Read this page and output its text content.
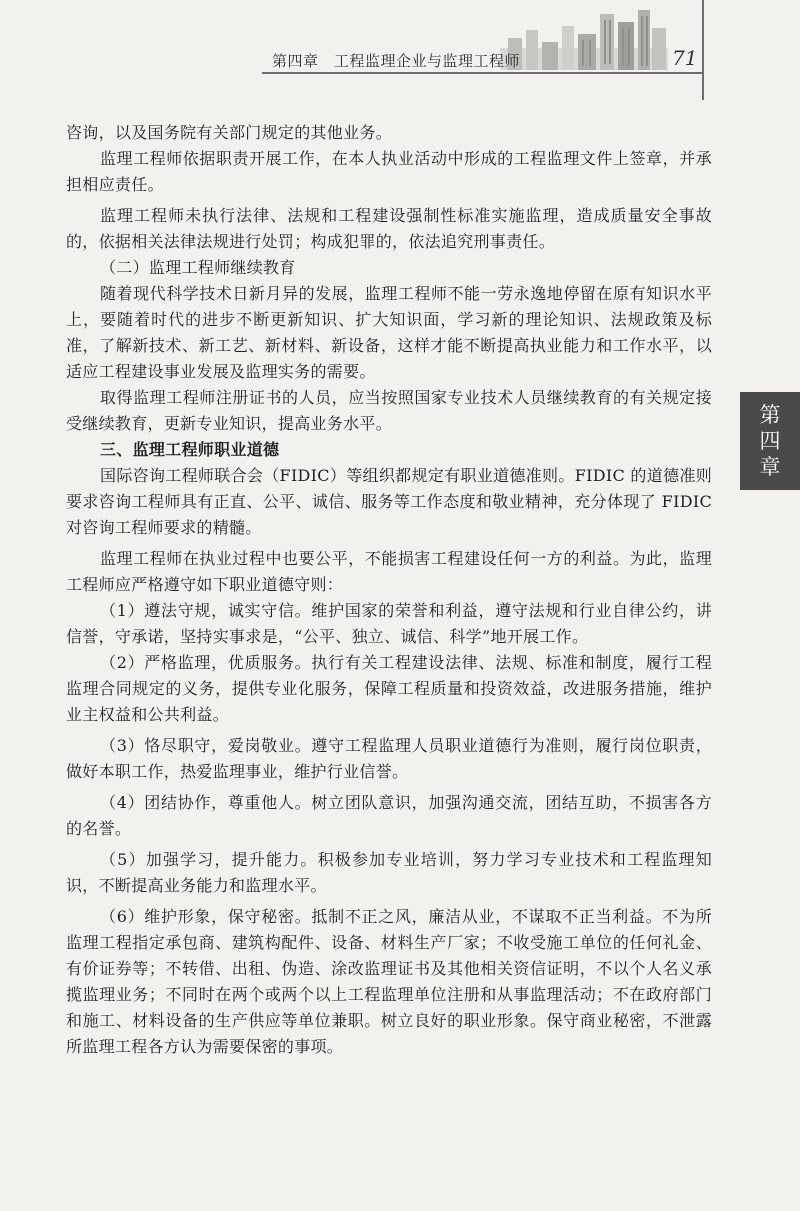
第四章　工程监理企业与监理工程师	71
第
四
章

咨询，以及国务院有关部门规定的其他业务。

监理工程师依据职责开展工作，在本人执业活动中形成的工程监理文件上签章，并承担相应责任。

监理工程师未执行法律、法规和工程建设强制性标准实施监理，造成质量安全事故的，依据相关法律法规进行处罚；构成犯罪的，依法追究刑事责任。

（二）监理工程师继续教育

随着现代科学技术日新月异的发展，监理工程师不能一劳永逸地停留在原有知识水平上，要随着时代的进步不断更新知识、扩大知识面，学习新的理论知识、法规政策及标准，了解新技术、新工艺、新材料、新设备，这样才能不断提高执业能力和工作水平，以适应工程建设事业发展及监理实务的需要。

取得监理工程师注册证书的人员，应当按照国家专业技术人员继续教育的有关规定接受继续教育，更新专业知识，提高业务水平。

三、监理工程师职业道德

国际咨询工程师联合会（FIDIC）等组织都规定有职业道德准则。FIDIC 的道德准则要求咨询工程师具有正直、公平、诚信、服务等工作态度和敬业精神，充分体现了 FIDIC 对咨询工程师要求的精髓。

监理工程师在执业过程中也要公平，不能损害工程建设任何一方的利益。为此，监理工程师应严格遵守如下职业道德守则：

（1）遵法守规，诚实守信。维护国家的荣誉和利益，遵守法规和行业自律公约，讲信誉，守承诺，坚持实事求是，“公平、独立、诚信、科学”地开展工作。

（2）严格监理，优质服务。执行有关工程建设法律、法规、标准和制度，履行工程监理合同规定的义务，提供专业化服务，保障工程质量和投资效益，改进服务措施，维护业主权益和公共利益。

（3）恪尽职守，爱岗敬业。遵守工程监理人员职业道德行为准则，履行岗位职责，做好本职工作，热爱监理事业，维护行业信誉。

（4）团结协作，尊重他人。树立团队意识，加强沟通交流，团结互助，不损害各方的名誉。

（5）加强学习，提升能力。积极参加专业培训，努力学习专业技术和工程监理知识，不断提高业务能力和监理水平。

（6）维护形象，保守秘密。抵制不正之风，廉洁从业，不谋取不正当利益。不为所监理工程指定承包商、建筑构配件、设备、材料生产厂家；不收受施工单位的任何礼金、有价证券等；不转借、出租、伪造、涂改监理证书及其他相关资信证明，不以个人名义承揽监理业务；不同时在两个或两个以上工程监理单位注册和从事监理活动；不在政府部门和施工、材料设备的生产供应等单位兼职。树立良好的职业形象。保守商业秘密，不泄露所监理工程各方认为需要保密的事项。
